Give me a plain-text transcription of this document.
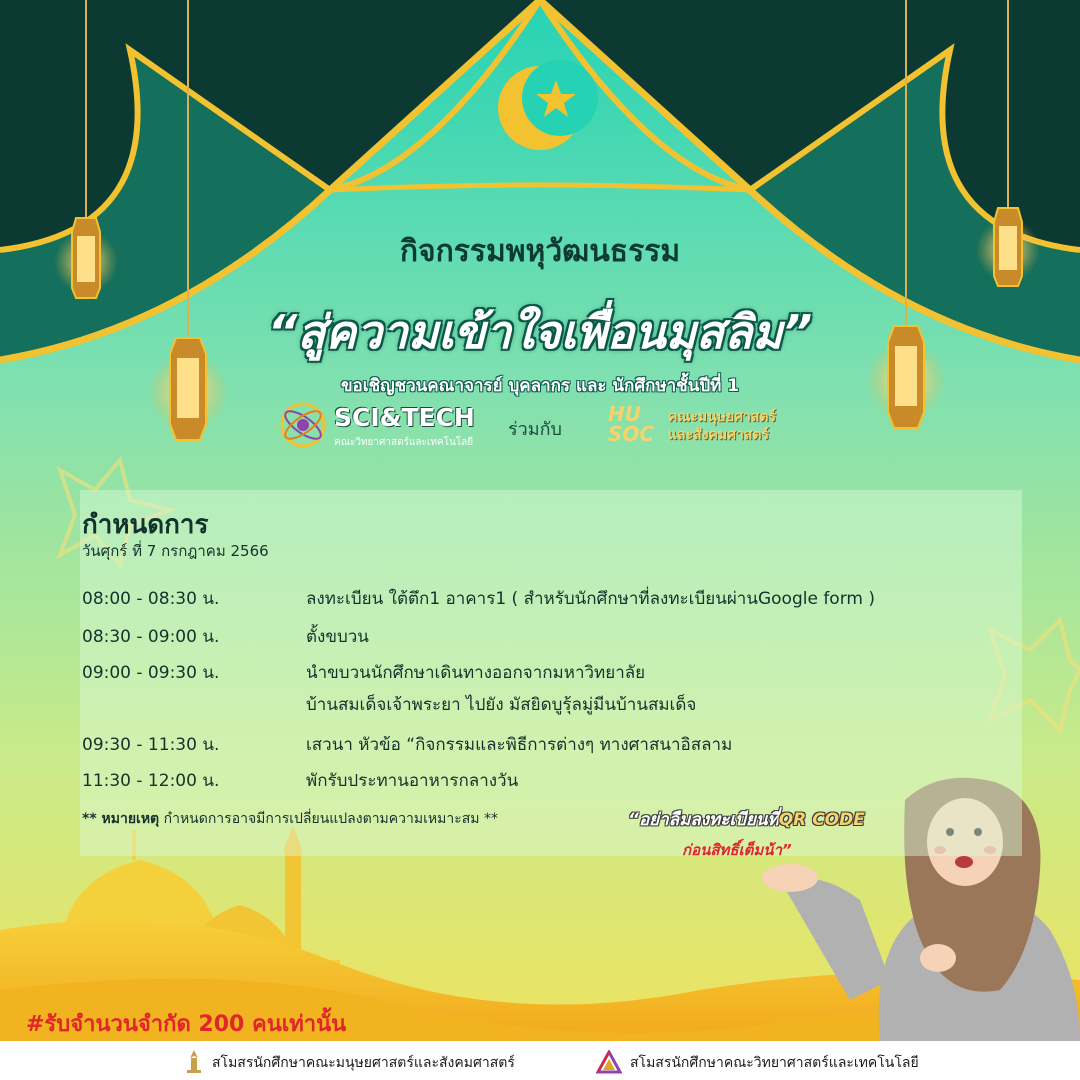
กิจกรรมพหุวัฒนธรรม
“สู่ความเข้าใจเพื่อนมุสลิม”
ขอเชิญชวนคณาจารย์ บุคลากร และ นักศึกษาชั้นปีที่ 1
SCI&TECH
คณะวิทยาศาสตร์และเทคโนโลยี
ร่วมกับ
HU SOC
คณะมนุษยศาสตร์
และสังคมศาสตร์
กำหนดการ
วันศุกร์ ที่ 7 กรกฎาคม 2566
08:00 - 08:30 น.	ลงทะเบียน ใต้ตึก1 อาคาร1 ( สำหรับนักศึกษาที่ลงทะเบียนผ่านGoogle form )
08:30 - 09:00 น.	ตั้งขบวน
09:00 - 09:30 น.	นำขบวนนักศึกษาเดินทางออกจากมหาวิทยาลัย
บ้านสมเด็จเจ้าพระยา ไปยัง มัสยิดบูรุ้ลมู่มีนบ้านสมเด็จ
09:30 - 11:30 น.	เสวนา หัวข้อ “กิจกรรมและพิธีการต่างๆ ทางศาสนาอิสลาม
11:30 - 12:00 น.	พักรับประทานอาหารกลางวัน
** หมายเหตุ กำหนดการอาจมีการเปลี่ยนแปลงตามความเหมาะสม **	“อย่าลืมลงทะเบียนที่QR CODE
ก่อนสิทธิ์เต็มน้า”
#รับจำนวนจำกัด 200 คนเท่านั้น
สโมสรนักศึกษาคณะมนุษยศาสตร์และสังคมศาสตร์	สโมสรนักศึกษาคณะวิทยาศาสตร์และเทคโนโลยี
